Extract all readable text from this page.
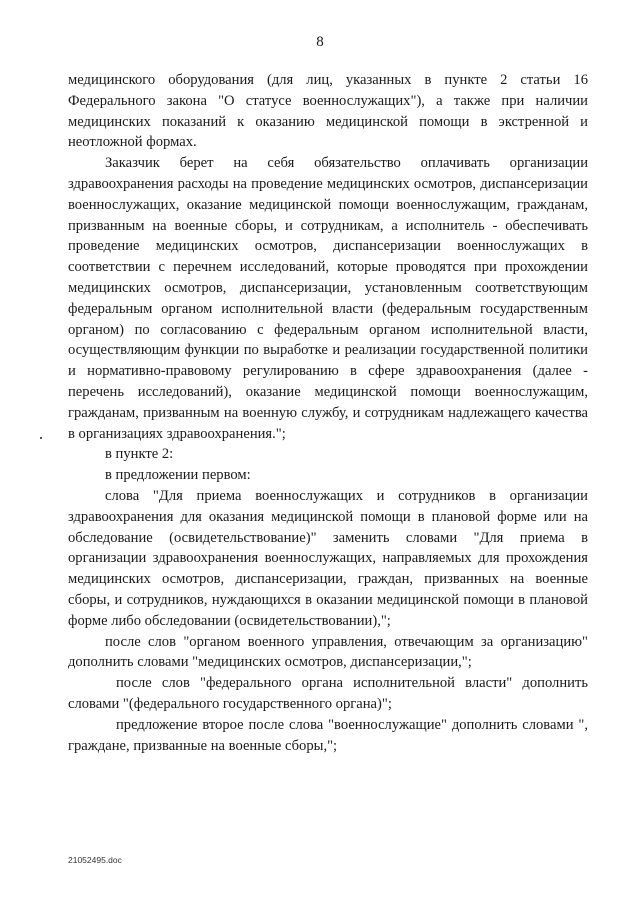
8

медицинского оборудования (для лиц, указанных в пункте 2 статьи 16 Федерального закона "О статусе военнослужащих"), а также при наличии медицинских показаний к оказанию медицинской помощи в экстренной и неотложной формах.

Заказчик берет на себя обязательство оплачивать организации здравоохранения расходы на проведение медицинских осмотров, диспансеризации военнослужащих, оказание медицинской помощи военнослужащим, гражданам, призванным на военные сборы, и сотрудникам, а исполнитель - обеспечивать проведение медицинских осмотров, диспансеризации военнослужащих в соответствии с перечнем исследований, которые проводятся при прохождении медицинских осмотров, диспансеризации, установленным соответствующим федеральным органом исполнительной власти (федеральным государственным органом) по согласованию с федеральным органом исполнительной власти, осуществляющим функции по выработке и реализации государственной политики и нормативно-правовому регулированию в сфере здравоохранения (далее - перечень исследований), оказание медицинской помощи военнослужащим, гражданам, призванным на военную службу, и сотрудникам надлежащего качества в организациях здравоохранения.";

в пункте 2:

в предложении первом:

слова "Для приема военнослужащих и сотрудников в организации здравоохранения для оказания медицинской помощи в плановой форме или на обследование (освидетельствование)" заменить словами "Для приема в организации здравоохранения военнослужащих, направляемых для прохождения медицинских осмотров, диспансеризации, граждан, призванных на военные сборы, и сотрудников, нуждающихся в оказании медицинской помощи в плановой форме либо обследовании (освидетельствовании),";

после слов "органом военного управления, отвечающим за организацию" дополнить словами "медицинских осмотров, диспансеризации,";

после слов "федерального органа исполнительной власти" дополнить словами "(федерального государственного органа)";

предложение второе после слова "военнослужащие" дополнить словами ", граждане, призванные на военные сборы,";

21052495.doc
